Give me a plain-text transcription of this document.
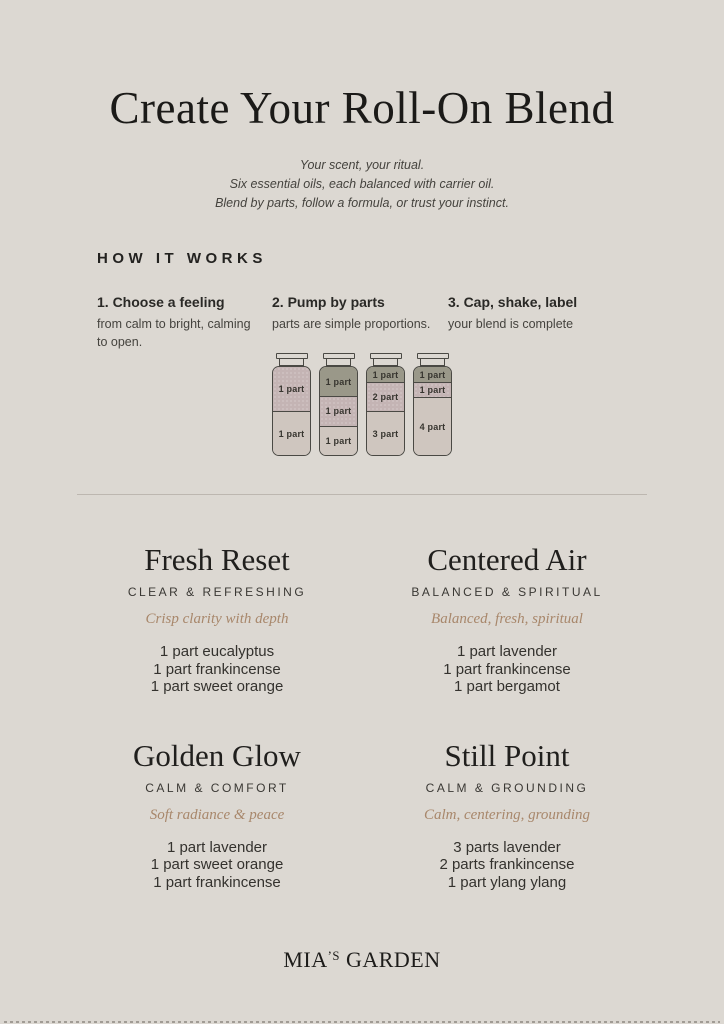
Create Your Roll-On Blend
Your scent, your ritual.
Six essential oils, each balanced with carrier oil.
Blend by parts, follow a formula, or trust your instinct.
HOW IT WORKS
1. Choose a feeling
from calm to bright, calming to open.
2. Pump by parts
parts are simple proportions.
3. Cap, shake, label
your blend is complete
1 part
1 part
1 part
1 part
1 part
1 part
2 part
3 part
1 part
1 part
4 part
Fresh Reset
CLEAR & REFRESHING
Crisp clarity with depth
1 part eucalyptus
1 part frankincense
1 part sweet orange
Centered Air
BALANCED & SPIRITUAL
Balanced, fresh, spiritual
1 part lavender
1 part frankincense
1 part bergamot
Golden Glow
CALM & COMFORT
Soft radiance & peace
1 part lavender
1 part sweet orange
1 part frankincense
Still Point
CALM & GROUNDING
Calm, centering, grounding
3 parts lavender
2 parts frankincense
1 part ylang ylang
$MIA^{’S}$ GARDEN
